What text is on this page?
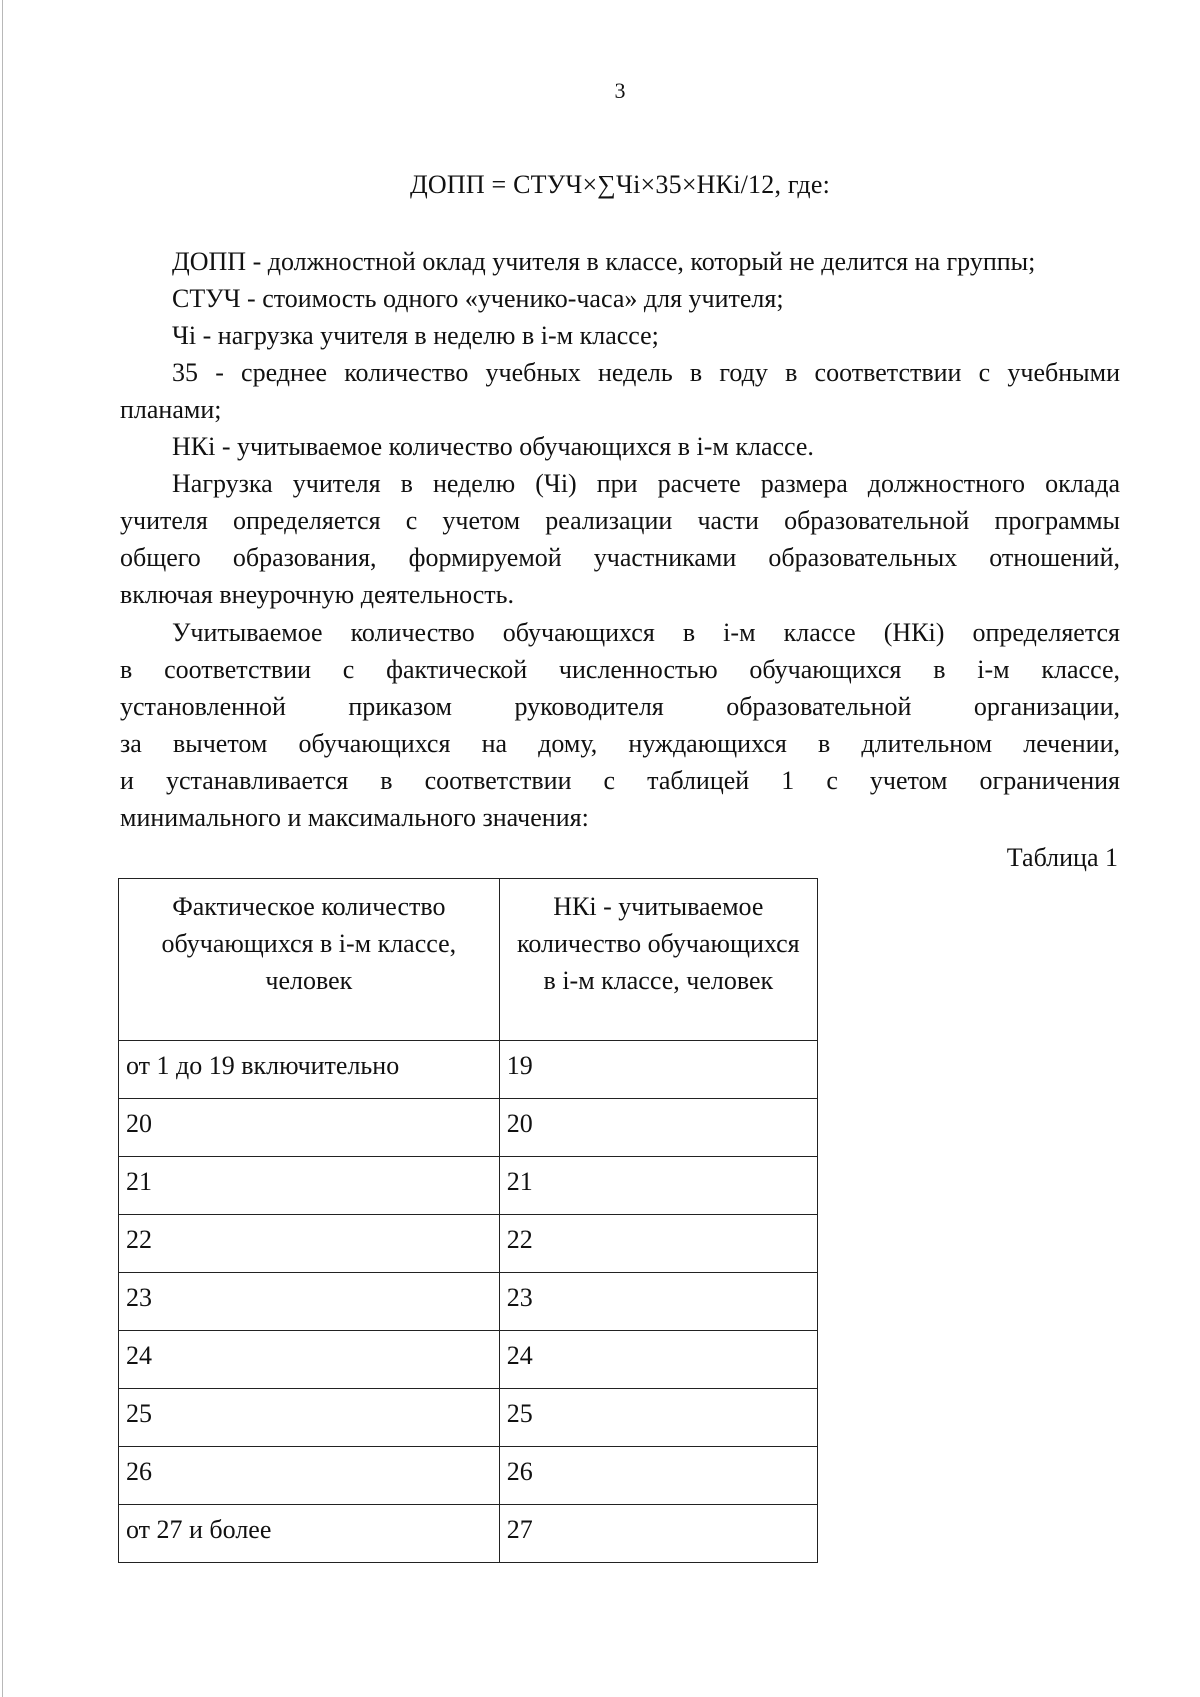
3
ДОПП = СТУЧ×∑Чi×35×НКi/12, где:
ДОПП - должностной оклад учителя в классе, который не делится на группы;
СТУЧ - стоимость одного «ученико-часа» для учителя;
Чi - нагрузка учителя в неделю в i-м классе;
35 - среднее количество учебных недель в году в соответствии с учебными
планами;
НКi - учитываемое количество обучающихся в i-м классе.
Нагрузка учителя в неделю (Чi) при расчете размера должностного оклада
учителя определяется с учетом реализации части образовательной программы
общего образования, формируемой участниками образовательных отношений,
включая внеурочную деятельность.
Учитываемое количество обучающихся в i-м классе (НКi) определяется
в соответствии с фактической численностью обучающихся в i-м классе,
установленной приказом руководителя образовательной организации,
за вычетом обучающихся на дому, нуждающихся в длительном лечении,
и устанавливается в соответствии с таблицей 1 с учетом ограничения
минимального и максимального значения:
Таблица 1
Фактическое количество обучающихся в i-м классе, человек	НКi - учитываемое количество обучающихся в i-м классе, человек
от 1 до 19 включительно	19
20	20
21	21
22	22
23	23
24	24
25	25
26	26
от 27 и более	27
